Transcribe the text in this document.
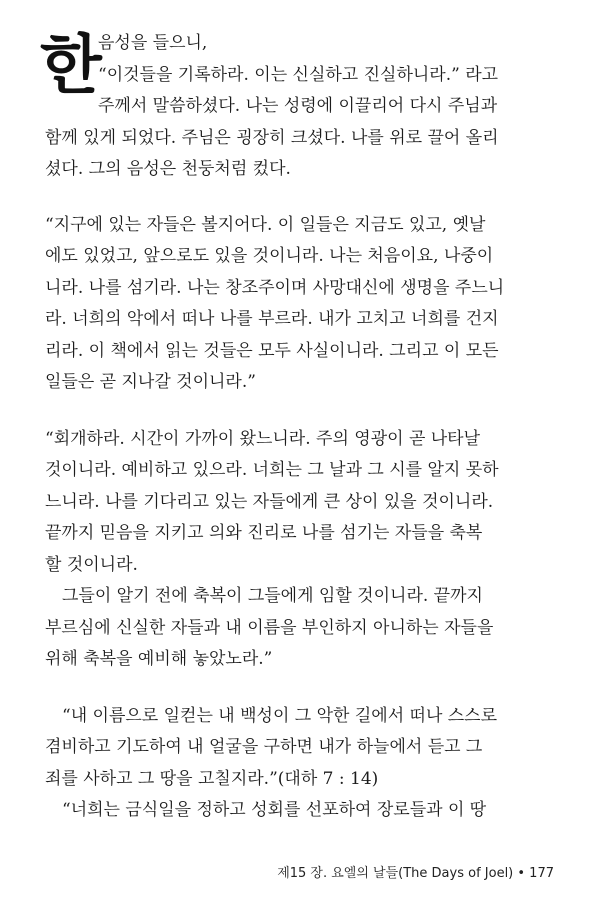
한
음성을 들으니,
“이것들을 기록하라. 이는 신실하고 진실하니라.” 라고
주께서 말씀하셨다. 나는 성령에 이끌리어 다시 주님과
함께 있게 되었다. 주님은 굉장히 크셨다. 나를 위로 끌어 올리
셨다. 그의 음성은 천둥처럼 컸다.
“지구에 있는 자들은 볼지어다. 이 일들은 지금도 있고, 옛날
에도 있었고, 앞으로도 있을 것이니라. 나는 처음이요, 나중이
니라. 나를 섬기라. 나는 창조주이며 사망대신에 생명을 주느니
라. 너희의 악에서 떠나 나를 부르라. 내가 고치고 너희를 건지
리라. 이 책에서 읽는 것들은 모두 사실이니라. 그리고 이 모든
일들은 곧 지나갈 것이니라.”
“회개하라. 시간이 가까이 왔느니라. 주의 영광이 곧 나타날
것이니라. 예비하고 있으라. 너희는 그 날과 그 시를 알지 못하
느니라. 나를 기다리고 있는 자들에게 큰 상이 있을 것이니라.
끝까지 믿음을 지키고 의와 진리로 나를 섬기는 자들을 축복
할 것이니라.
그들이 알기 전에 축복이 그들에게 임할 것이니라. 끝까지
부르심에 신실한 자들과 내 이름을 부인하지 아니하는 자들을
위해 축복을 예비해 놓았노라.”
“내 이름으로 일컫는 내 백성이 그 악한 길에서 떠나 스스로
겸비하고 기도하여 내 얼굴을 구하면 내가 하늘에서 듣고 그
죄를 사하고 그 땅을 고칠지라.”(대하 7 : 14)
“너희는 금식일을 정하고 성회를 선포하여 장로들과 이 땅
제15 장. 요엘의 날들(The Days of Joel) • 177
